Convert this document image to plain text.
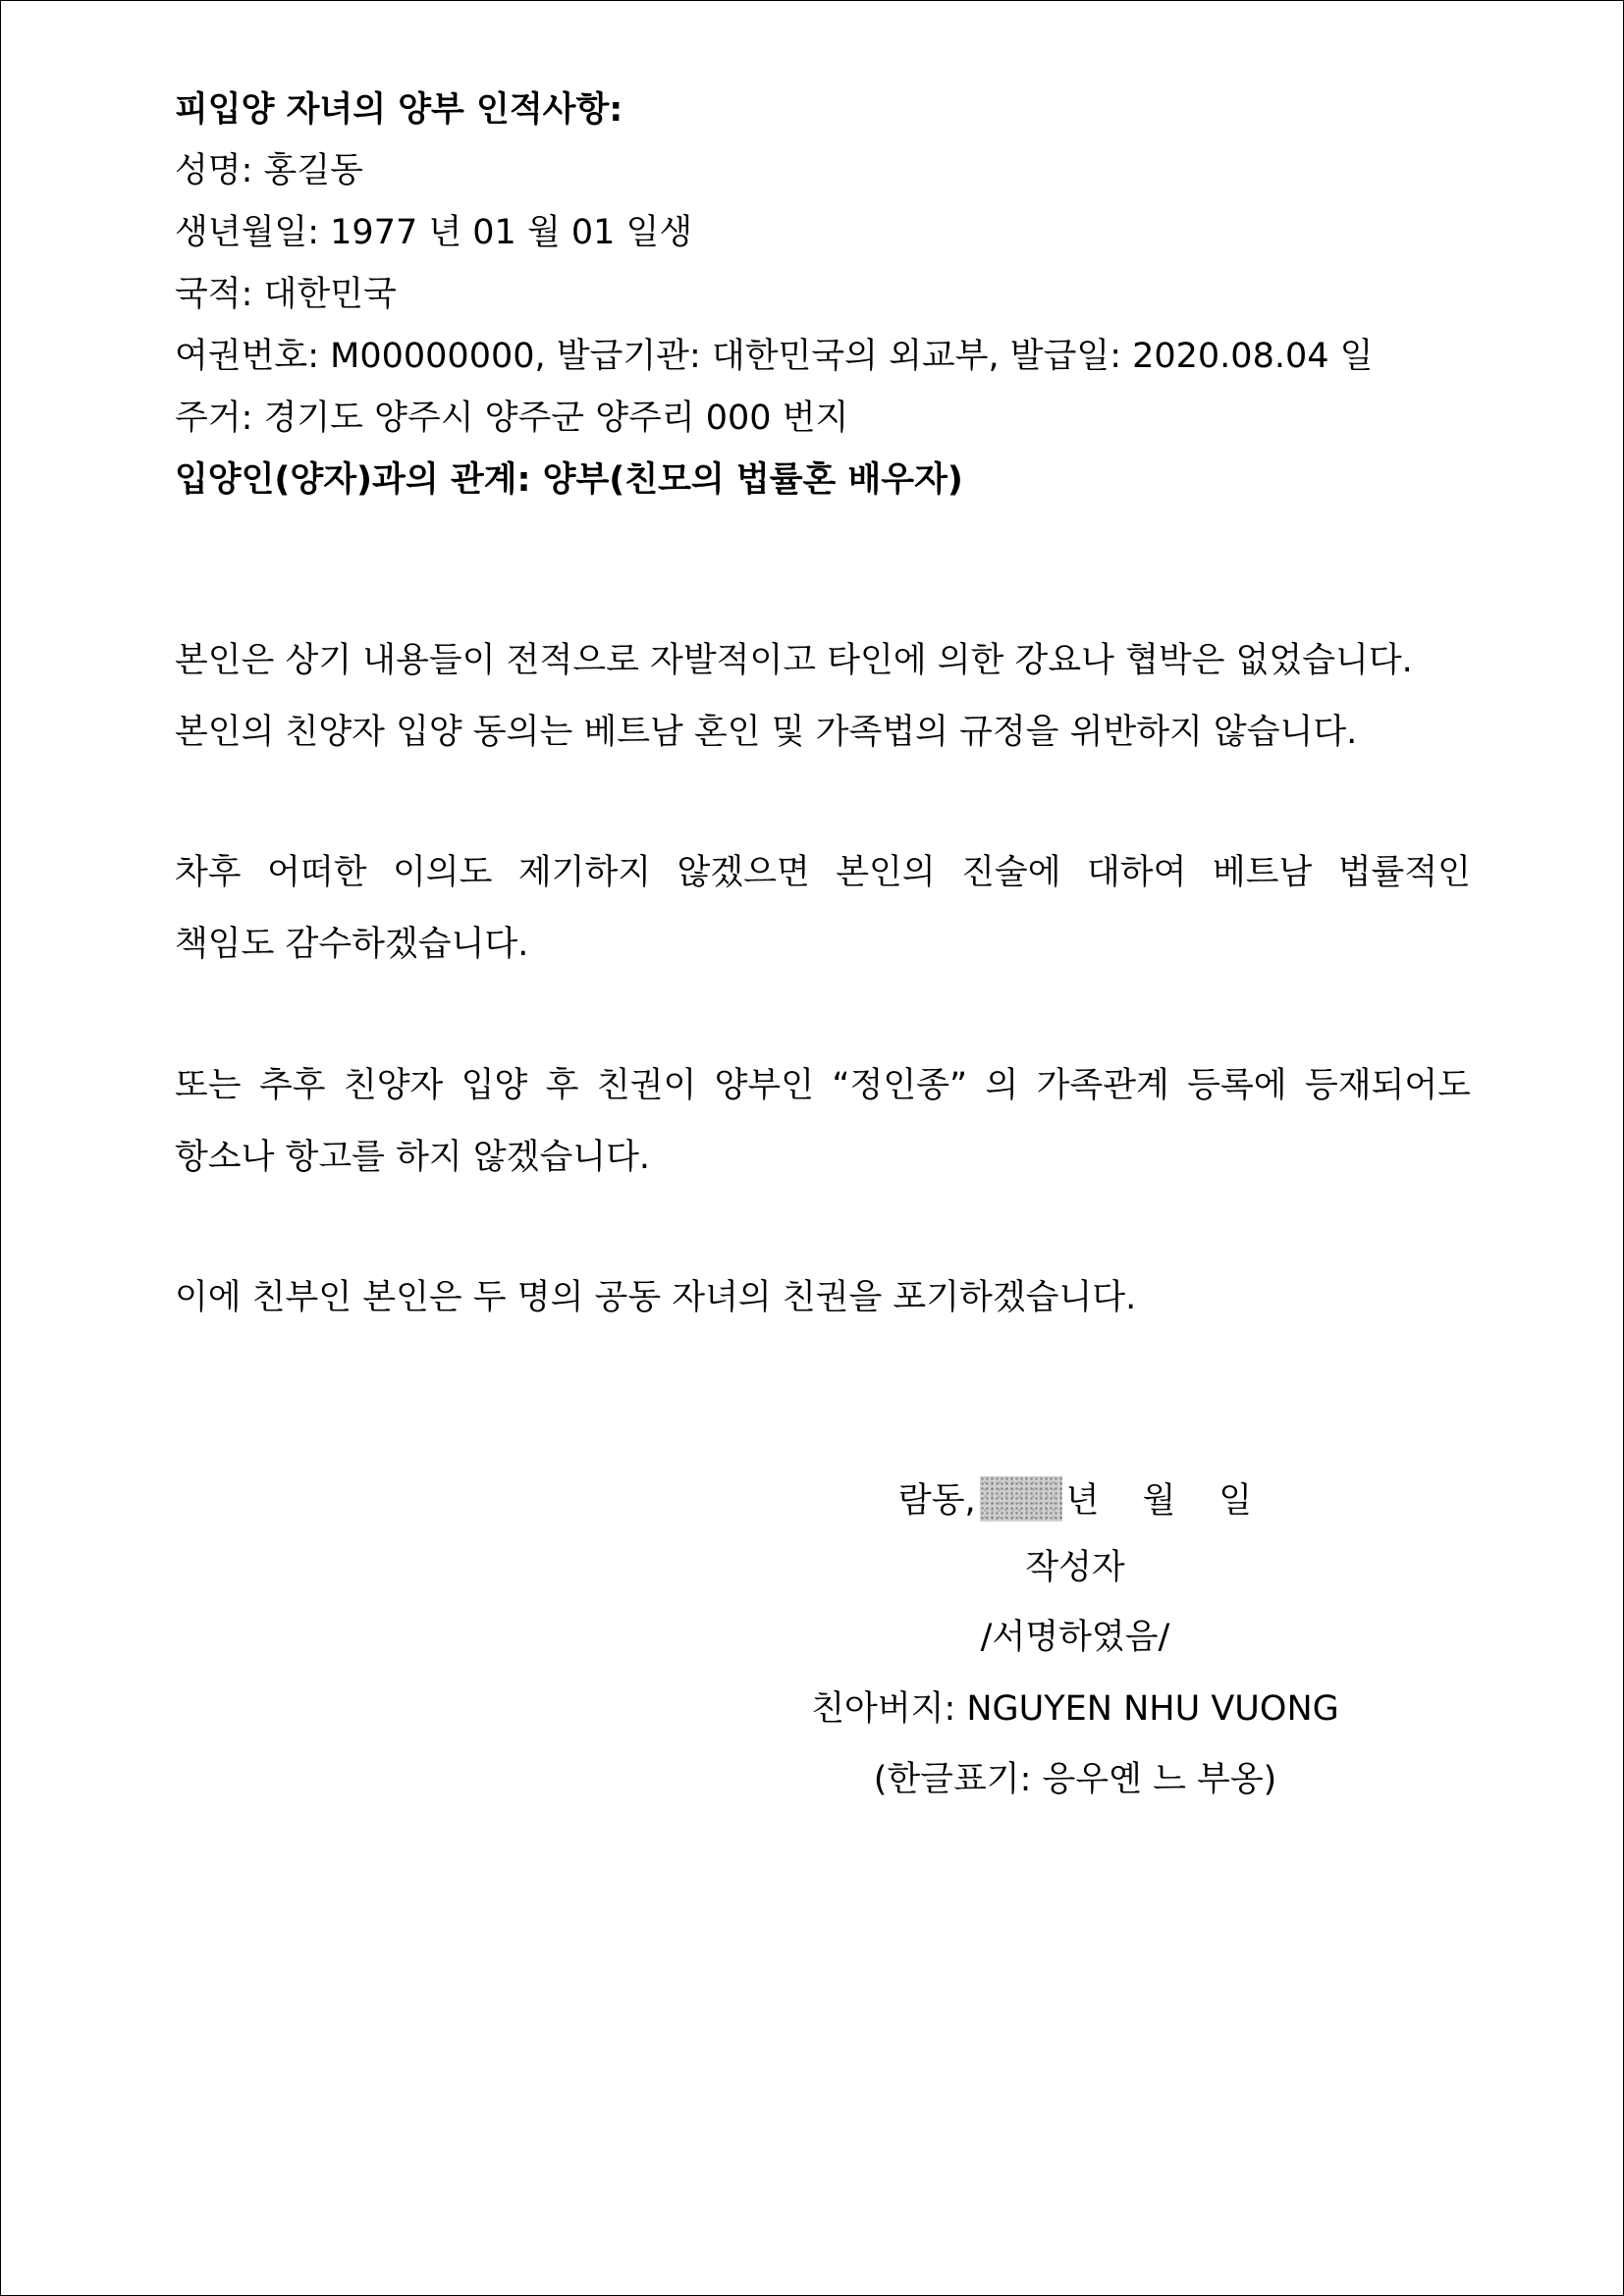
피입양 자녀의 양부 인적사항:
성명: 홍길동
생년월일: 1977 년 01 월 01 일생
국적: 대한민국
여권번호: M00000000, 발급기관: 대한민국의 외교부, 발급일: 2020.08.04 일
주거: 경기도 양주시 양주군 양주리 000 번지
입양인(양자)과의 관계: 양부(친모의 법률혼 배우자)
본인은 상기 내용들이 전적으로 자발적이고 타인에 의한 강요나 협박은 없었습니다.
본인의 친양자 입양 동의는 베트남 혼인 및 가족법의 규정을 위반하지 않습니다.
차후 어떠한 이의도 제기하지 않겠으면 본인의 진술에 대하여 베트남 법률적인
책임도 감수하겠습니다.
또는 추후 친양자 입양 후 친권이 양부인 “정인종” 의 가족관계 등록에 등재되어도
항소나 항고를 하지 않겠습니다.
이에 친부인 본인은 두 명의 공동 자녀의 친권을 포기하겠습니다.
람동,	년 월 일
작성자
/서명하였음/
친아버지: NGUYEN NHU VUONG
(한글표기: 응우옌 느 부옹)
